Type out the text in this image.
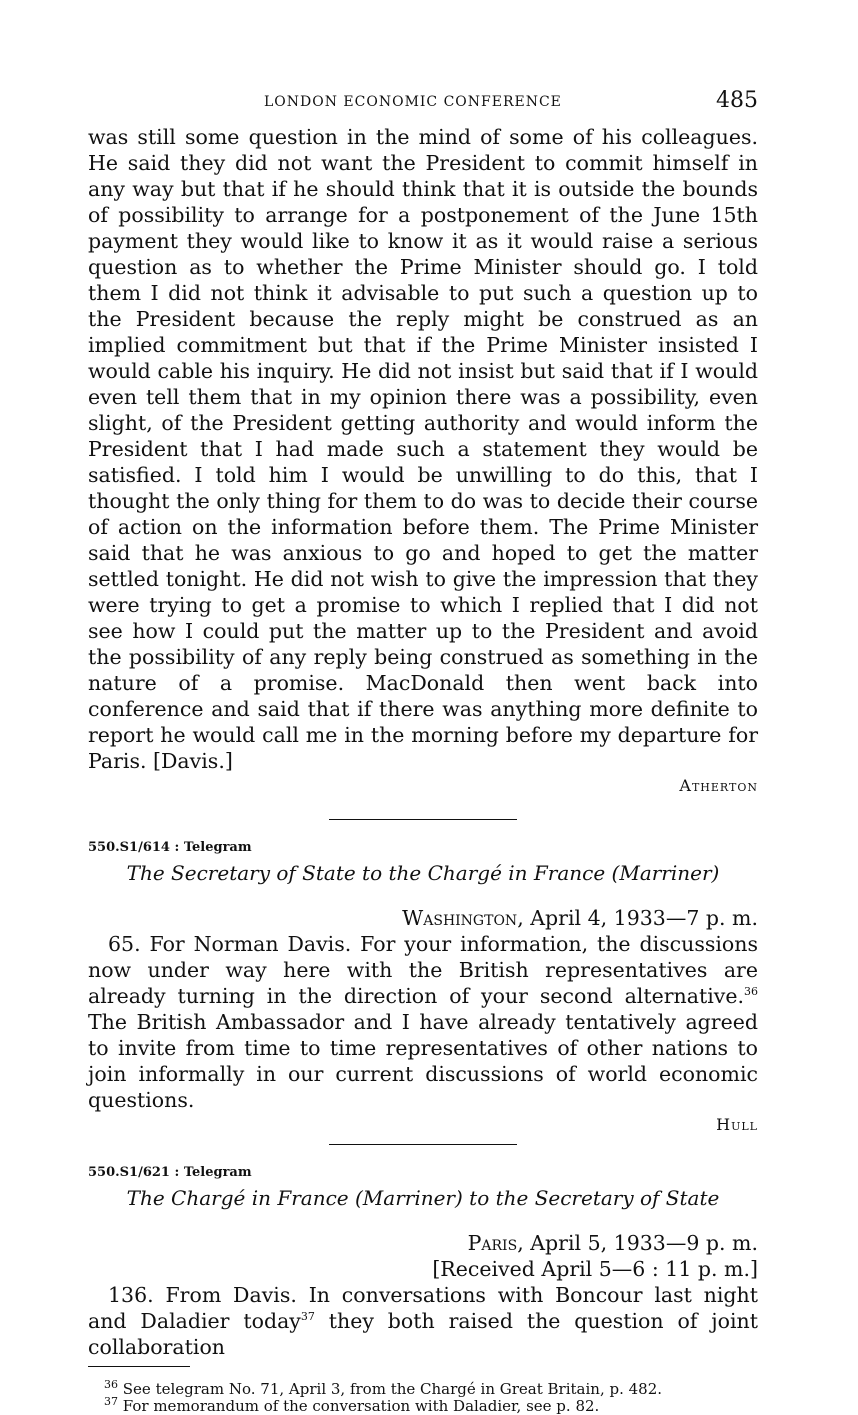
LONDON ECONOMIC CONFERENCE	485

was still some question in the mind of some of his colleagues. He said they did not want the President to commit himself in any way but that if he should think that it is outside the bounds of possibility to arrange for a postponement of the June 15th payment they would like to know it as it would raise a serious question as to whether the Prime Minister should go. I told them I did not think it advisable to put such a question up to the President because the reply might be construed as an implied commitment but that if the Prime Minister insisted I would cable his inquiry. He did not insist but said that if I would even tell them that in my opinion there was a possibility, even slight, of the President getting authority and would inform the President that I had made such a statement they would be satisfied. I told him I would be unwilling to do this, that I thought the only thing for them to do was to decide their course of action on the information before them. The Prime Minister said that he was anxious to go and hoped to get the matter settled tonight. He did not wish to give the impression that they were trying to get a promise to which I replied that I did not see how I could put the matter up to the President and avoid the possibility of any reply being construed as something in the nature of a promise. MacDonald then went back into conference and said that if there was anything more definite to report he would call me in the morning before my departure for Paris. [Davis.]

Atherton

550.S1/614 : Telegram

The Secretary of State to the Chargé in France (Marriner)

Washington, April 4, 1933—7 p. m.

65. For Norman Davis. For your information, the discussions now under way here with the British representatives are already turning in the direction of your second alternative.$^{36}$ The British Ambassador and I have already tentatively agreed to invite from time to time representatives of other nations to join informally in our current discussions of world economic questions.

Hull

550.S1/621 : Telegram

The Chargé in France (Marriner) to the Secretary of State

Paris, April 5, 1933—9 p. m.

[Received April 5—6 : 11 p. m.]

136. From Davis. In conversations with Boncour last night and Daladier today$^{37}$ they both raised the question of joint collaboration

$^{36}$ See telegram No. 71, April 3, from the Chargé in Great Britain, p. 482.

$^{37}$ For memorandum of the conversation with Daladier, see p. 82.
